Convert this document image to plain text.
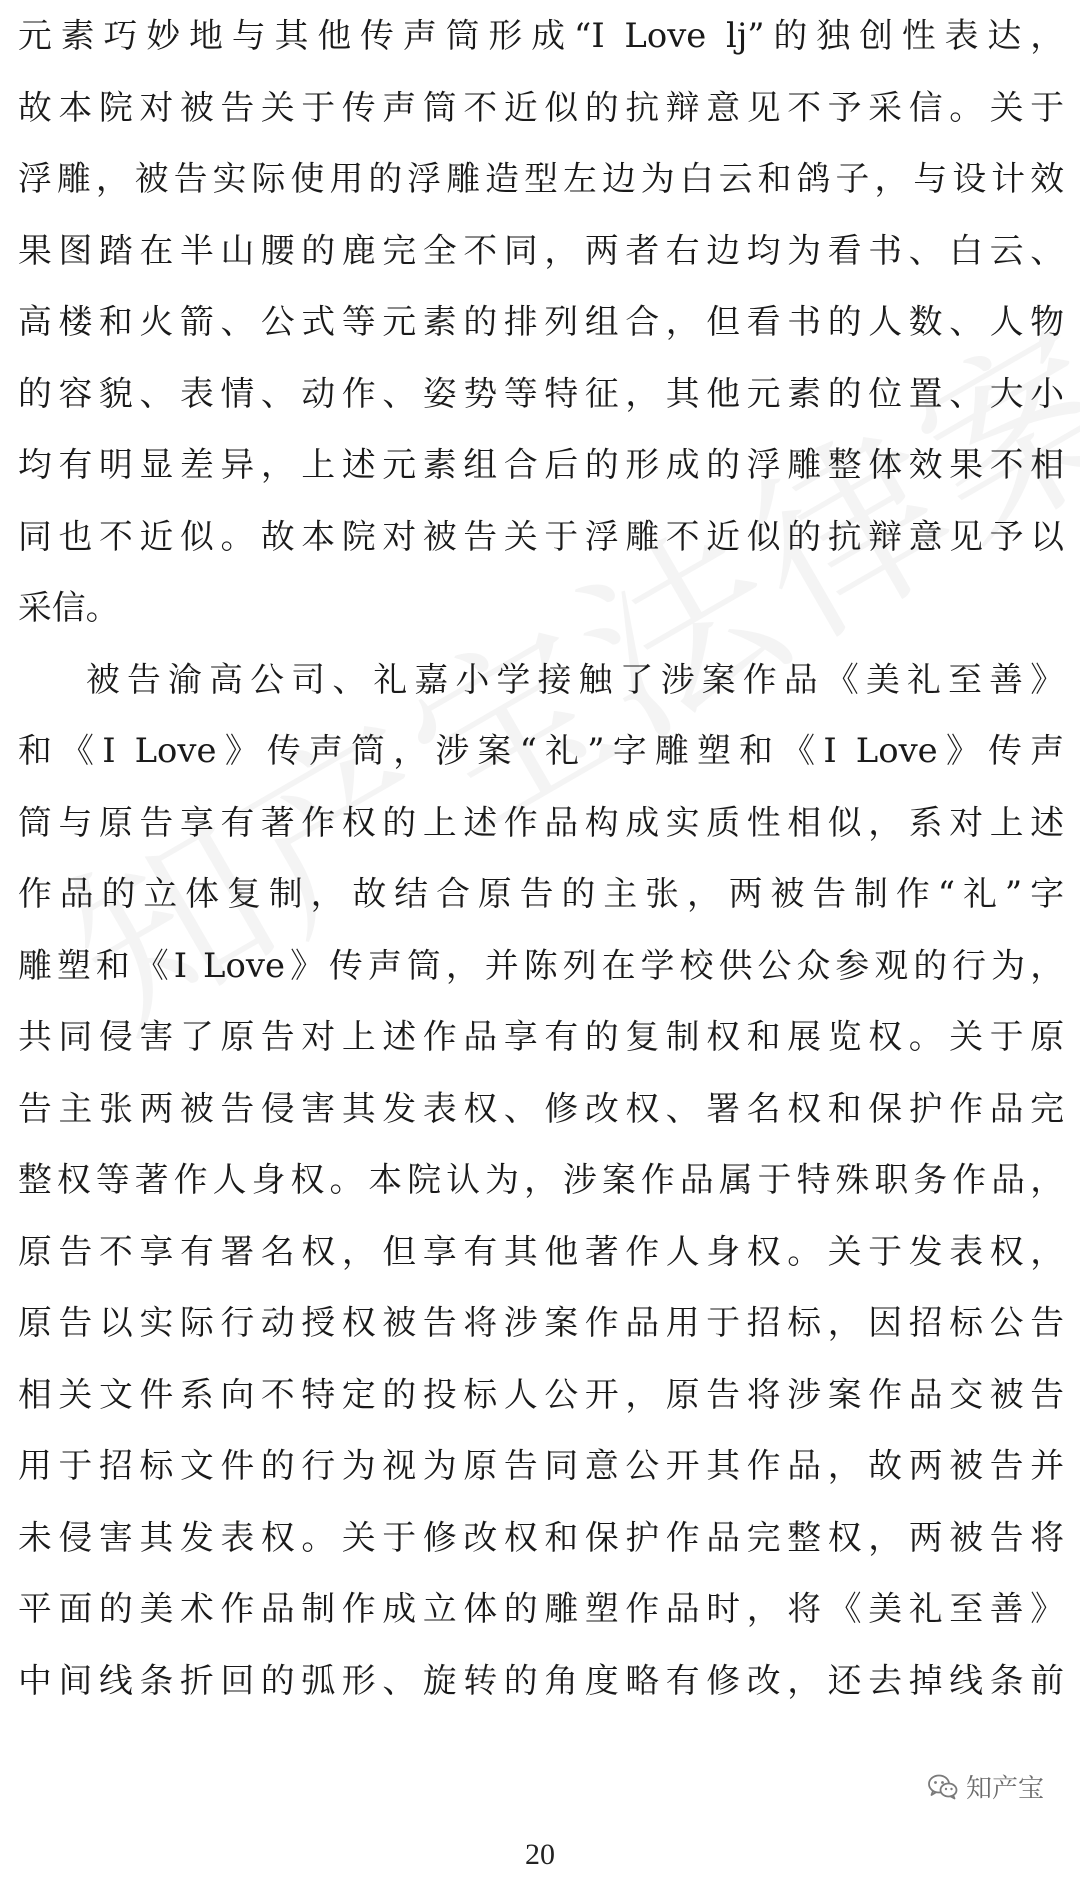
元素巧妙地与其他传声筒形成“I Love lj”的独创性表达，
故本院对被告关于传声筒不近似的抗辩意见不予采信。关于
浮雕，被告实际使用的浮雕造型左边为白云和鸽子，与设计效
果图踏在半山腰的鹿完全不同，两者右边均为看书、白云、
高楼和火箭、公式等元素的排列组合，但看书的人数、人物
的容貌、表情、动作、姿势等特征，其他元素的位置、大小
均有明显差异，上述元素组合后的形成的浮雕整体效果不相
同也不近似。故本院对被告关于浮雕不近似的抗辩意见予以
采信。
被告渝高公司、礼嘉小学接触了涉案作品《美礼至善》
和《I Love》传声筒，涉案“礼”字雕塑和《I Love》传声
筒与原告享有著作权的上述作品构成实质性相似，系对上述
作品的立体复制，故结合原告的主张，两被告制作“礼”字
雕塑和《I Love》传声筒，并陈列在学校供公众参观的行为，
共同侵害了原告对上述作品享有的复制权和展览权。关于原
告主张两被告侵害其发表权、修改权、署名权和保护作品完
整权等著作人身权。本院认为，涉案作品属于特殊职务作品，
原告不享有署名权，但享有其他著作人身权。关于发表权，
原告以实际行动授权被告将涉案作品用于招标，因招标公告
相关文件系向不特定的投标人公开，原告将涉案作品交被告
用于招标文件的行为视为原告同意公开其作品，故两被告并
未侵害其发表权。关于修改权和保护作品完整权，两被告将
平面的美术作品制作成立体的雕塑作品时，将《美礼至善》
中间线条折回的弧形、旋转的角度略有修改，还去掉线条前
知产宝
20
